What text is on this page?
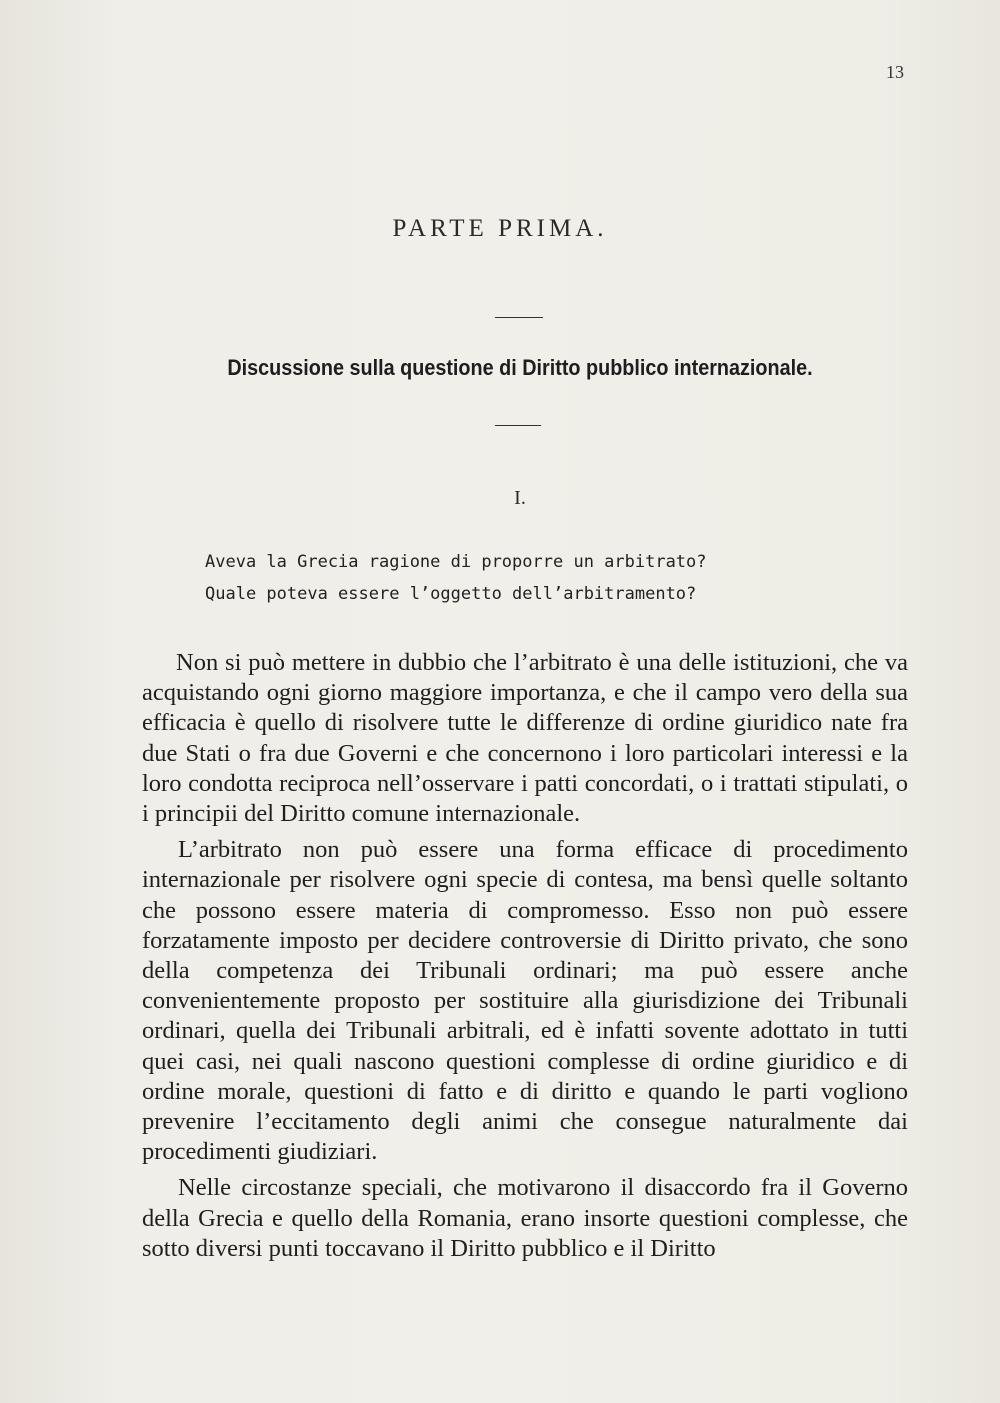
13
PARTE PRIMA.
Discussione sulla questione di Diritto pubblico internazionale.
I.
Aveva la Grecia ragione di proporre un arbitrato?
Quale poteva essere l’oggetto dell’arbitramento?

Non si può mettere in dubbio che l’arbitrato è una delle istituzioni, che va acquistando ogni giorno maggiore importanza, e che il campo vero della sua efficacia è quello di risolvere tutte le differenze di ordine giuridico nate fra due Stati o fra due Governi e che concernono i loro particolari interessi e la loro condotta reciproca nell’osservare i patti concordati, o i trattati stipulati, o i principii del Diritto comune internazionale.

L’arbitrato non può essere una forma efficace di procedimento internazionale per risolvere ogni specie di contesa, ma bensì quelle soltanto che possono essere materia di compromesso. Esso non può essere forzatamente imposto per decidere controversie di Diritto privato, che sono della competenza dei Tribunali ordinari; ma può essere anche convenientemente proposto per sostituire alla giurisdizione dei Tribunali ordinari, quella dei Tribunali arbitrali, ed è infatti sovente adottato in tutti quei casi, nei quali nascono questioni complesse di ordine giuridico e di ordine morale, questioni di fatto e di diritto e quando le parti vogliono prevenire l’eccitamento degli animi che consegue naturalmente dai procedimenti giudiziari.

Nelle circostanze speciali, che motivarono il disaccordo fra il Governo della Grecia e quello della Romania, erano insorte questioni complesse, che sotto diversi punti toccavano il Diritto pubblico e il Diritto
